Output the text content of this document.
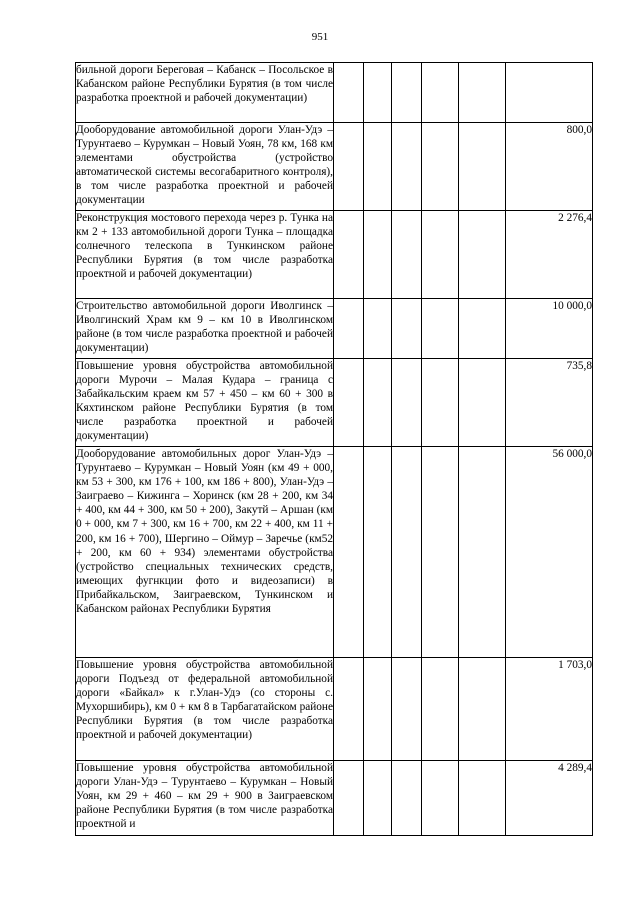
951
бильной дороги Береговая – Кабанск – Посольское в Кабанском районе Республики Бурятия (в том числе разработка проектной и рабочей документации)						
Дооборудование автомобильной дороги Улан-Удэ – Турунтаево – Курумкан – Новый Уоян, 78 км, 168 км элементами обустройства (устройство автоматической системы весогабаритного контроля), в том числе разработка проектной и рабочей документации						800,0
Реконструкция мостового перехода через р. Тунка на км 2 + 133 автомобильной дороги Тунка – площадка солнечного телескопа в Тункинском районе Республики Бурятия (в том числе разработка проектной и рабочей документации)						2 276,4
Строительство автомобильной дороги Иволгинск – Иволгинский Храм км 9 – км 10 в Иволгинском районе (в том числе разработка проектной и рабочей документации)						10 000,0
Повышение уровня обустройства автомобильной дороги Мурочи – Малая Кудара – граница с Забайкальским краем км 57 + 450 – км 60 + 300 в Кяхтинском районе Республики Бурятия (в том числе разработка проектной и рабочей документации)						735,8
Дооборудование автомобильных дорог Улан-Удэ – Турунтаево – Курумкан – Новый Уоян (км 49 + 000, км 53 + 300, км 176 + 100, км 186 + 800), Улан-Удэ – Заиграево – Кижинга – Хоринск (км 28 + 200, км 34 + 400, км 44 + 300, км 50 + 200), Закутй – Аршан (км 0 + 000, км 7 + 300, км 16 + 700, км 22 + 400, км 11 + 200, км 16 + 700), Шергино – Оймур – Заречье (км52 + 200, км 60 + 934) элементами обустройства (устройство специальных технических средств, имеющих фугнкции фото и видеозаписи) в Прибайкальском, Заиграевском, Тункинском и Кабанском районах Республики Бурятия						56 000,0
Повышение уровня обустройства автомобильной дороги Подъезд от федеральной автомобильной дороги «Байкал» к г.Улан-Удэ (со стороны с. Мухоршибирь), км 0 + км 8 в Тарбагатайском районе Республики Бурятия (в том числе разработка проектной и рабочей документации)						1 703,0
Повышение уровня обустройства автомобильной дороги Улан-Удэ – Турунтаево – Курумкан – Новый Уоян, км 29 + 460 – км 29 + 900 в Заиграевском районе Республики Бурятия (в том числе разработка проектной и						4 289,4
